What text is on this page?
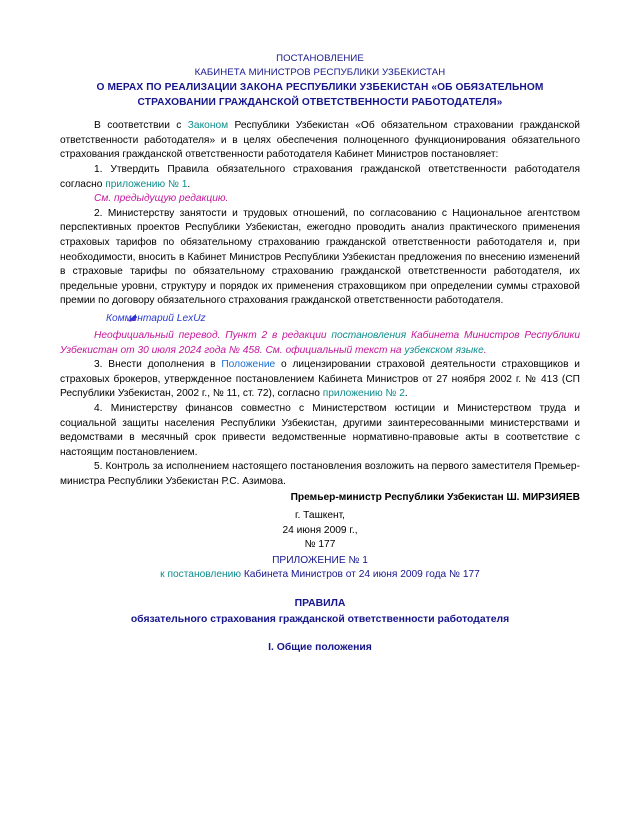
ПОСТАНОВЛЕНИЕ
КАБИНЕТА МИНИСТРОВ РЕСПУБЛИКИ УЗБЕКИСТАН
О МЕРАХ ПО РЕАЛИЗАЦИИ ЗАКОНА РЕСПУБЛИКИ УЗБЕКИСТАН «ОБ ОБЯЗАТЕЛЬНОМ СТРАХОВАНИИ ГРАЖДАНСКОЙ ОТВЕТСТВЕННОСТИ РАБОТОДАТЕЛЯ»

В соответствии с Законом Республики Узбекистан «Об обязательном страховании гражданской ответственности работодателя» и в целях обеспечения полноценного функционирования обязательного страхования гражданской ответственности работодателя Кабинет Министров постановляет:

1. Утвердить Правила обязательного страхования гражданской ответственности работодателя согласно приложению № 1.

См. предыдущую редакцию.

2. Министерству занятости и трудовых отношений, по согласованию с Национальное агентством перспективных проектов Республики Узбекистан, ежегодно проводить анализ практического применения страховых тарифов по обязательному страхованию гражданской ответственности работодателя и, при необходимости, вносить в Кабинет Министров Республики Узбекистан предложения по внесению изменений в страховые тарифы по обязательному страхованию гражданской ответственности работодателя, их предельные уровни, структуру и порядок их применения страховщиком при определении суммы страховой премии по договору обязательного страхования гражданской ответственности работодателя.

Комментарий LexUz

Неофициальный перевод. Пункт 2 в редакции постановления Кабинета Министров Республики Узбекистан от 30 июля 2024 года № 458. См. официальный текст на узбекском языке.

3. Внести дополнения в Положение о лицензировании страховой деятельности страховщиков и страховых брокеров, утвержденное постановлением Кабинета Министров от 27 ноября 2002 г. № 413 (СП Республики Узбекистан, 2002 г., № 11, ст. 72), согласно приложению № 2.

4. Министерству финансов совместно с Министерством юстиции и Министерством труда и социальной защиты населения Республики Узбекистан, другими заинтересованными министерствами и ведомствами в месячный срок привести ведомственные нормативно-правовые акты в соответствие с настоящим постановлением.

5. Контроль за исполнением настоящего постановления возложить на первого заместителя Премьер-министра Республики Узбекистан Р.С. Азимова.

Премьер-министр Республики Узбекистан Ш. МИРЗИЯЕВ

г. Ташкент,
24 июня 2009 г.,
№ 177
ПРИЛОЖЕНИЕ № 1
к постановлению Кабинета Министров от 24 июня 2009 года № 177
ПРАВИЛА
обязательного страхования гражданской ответственности работодателя
I. Общие положения
